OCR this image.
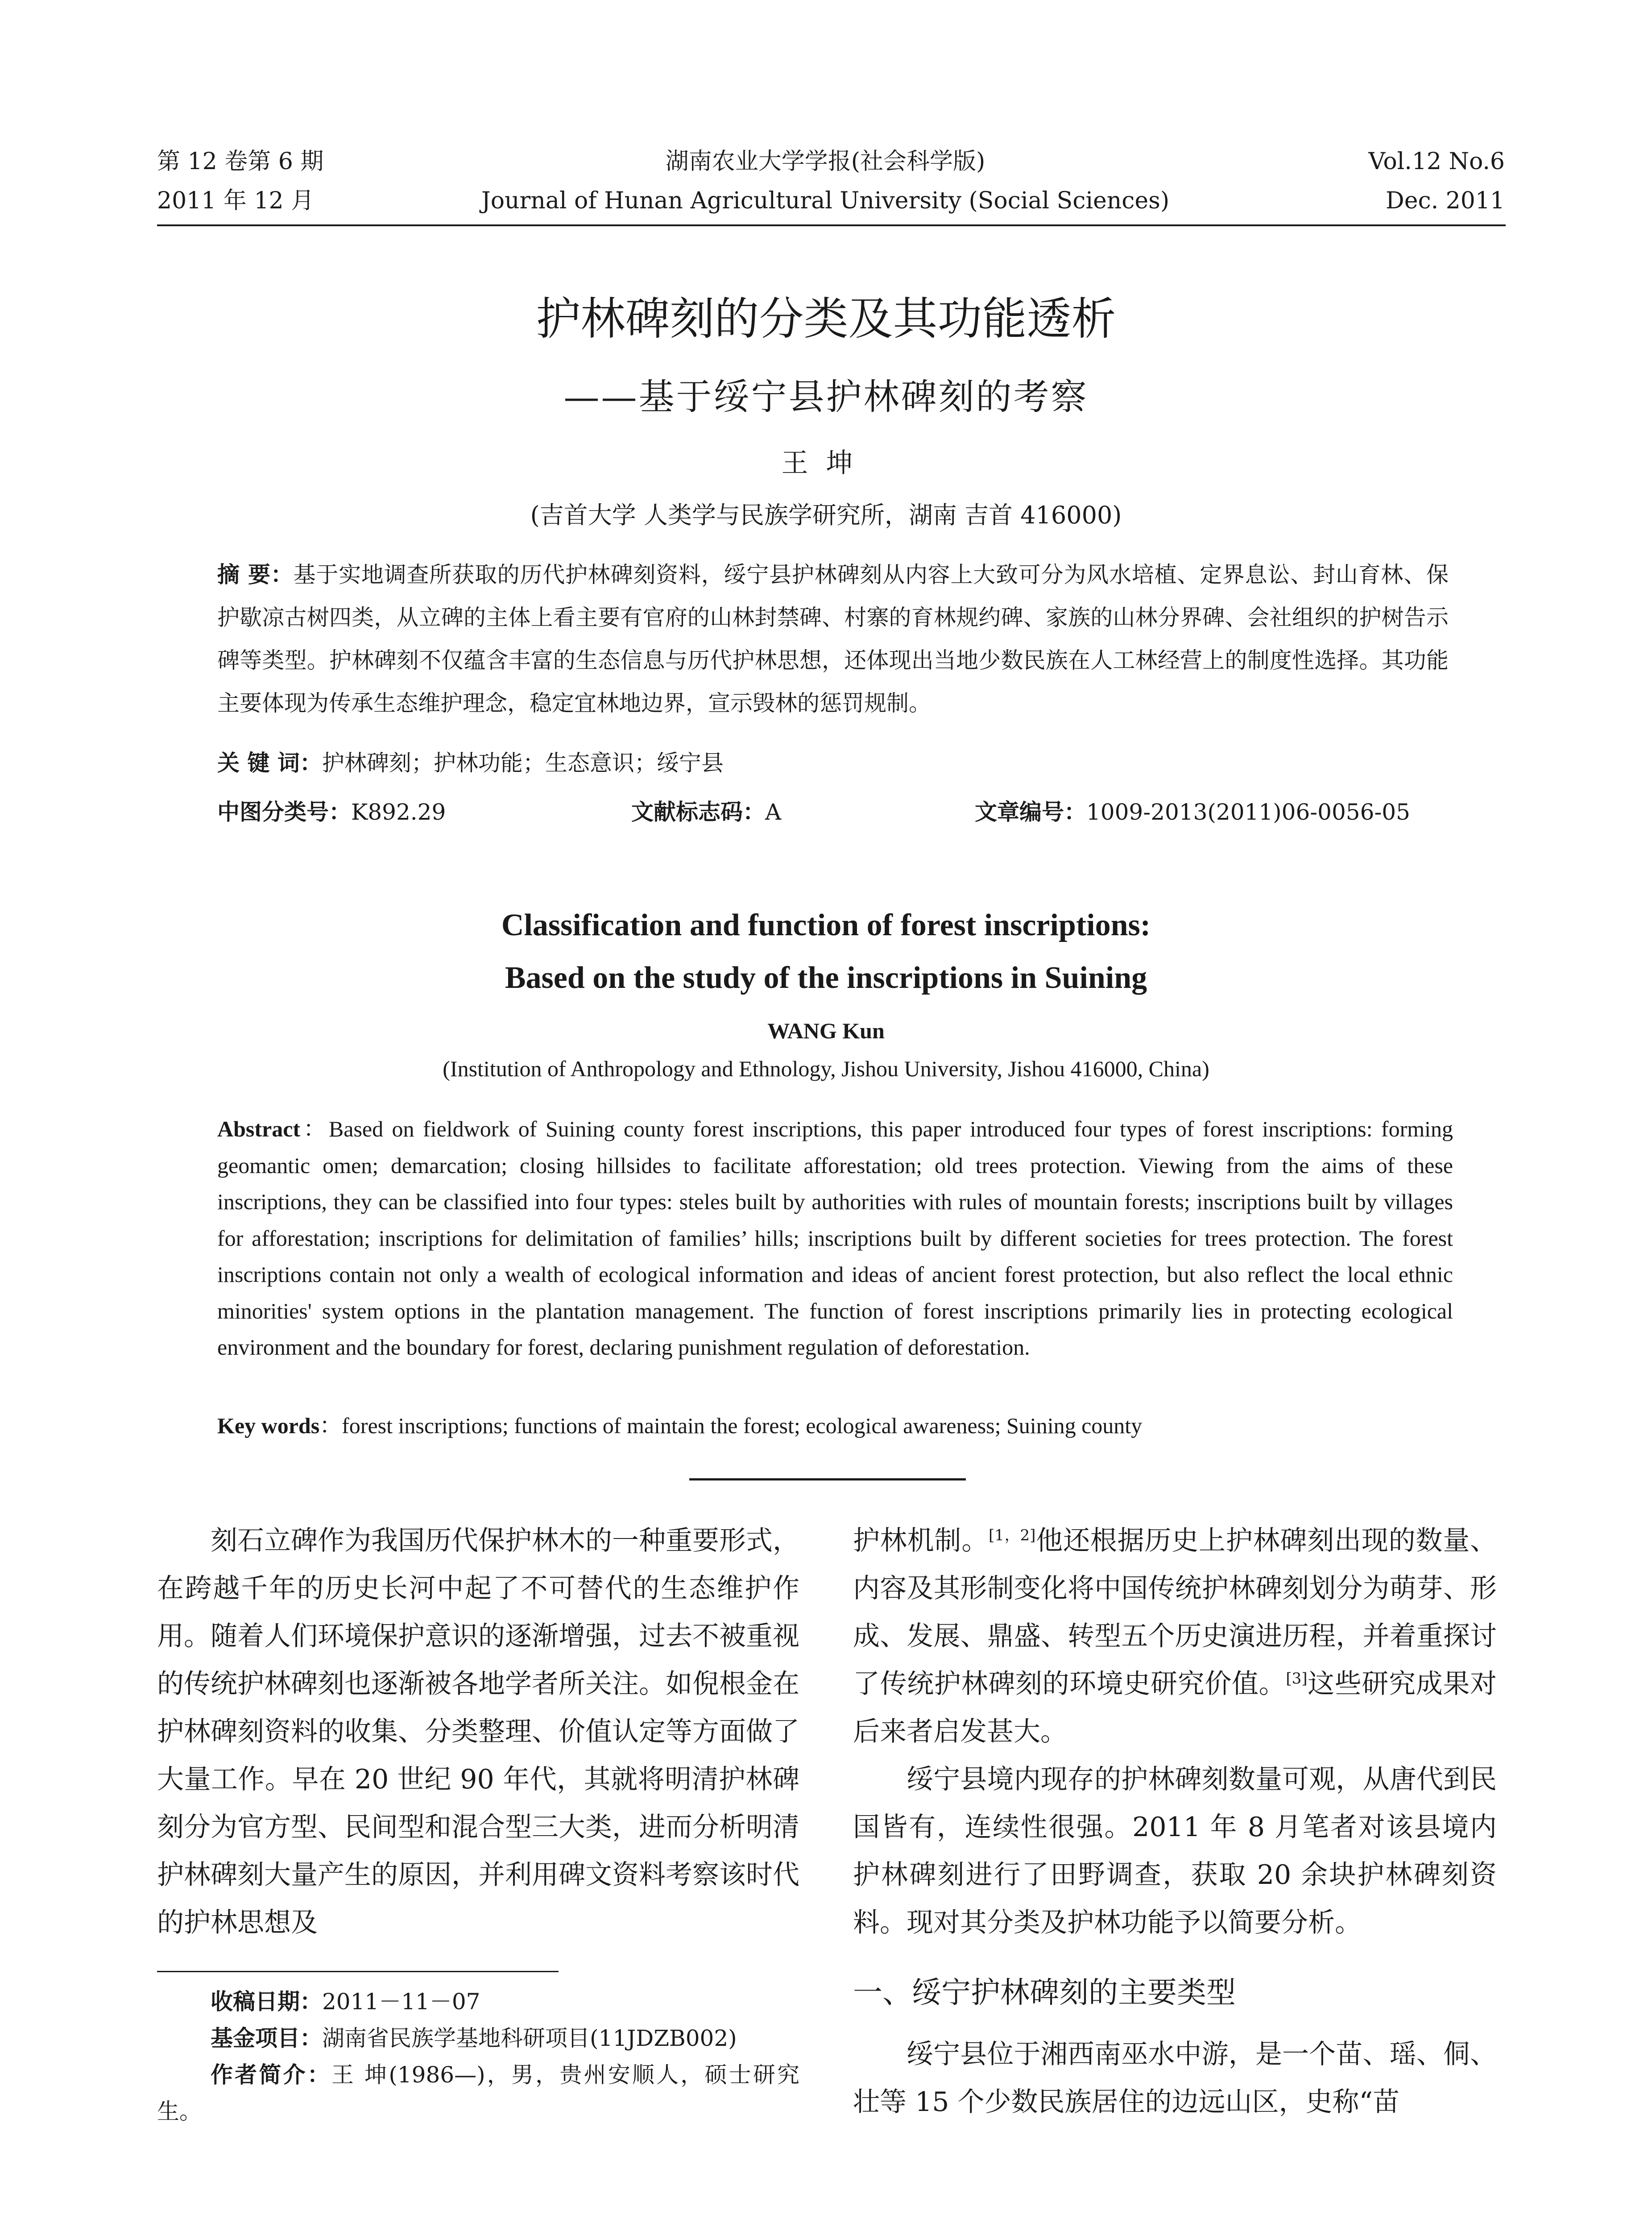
第 12 卷第 6 期
2011 年 12 月
湖南农业大学学报(社会科学版)
Journal of Hunan Agricultural University (Social Sciences)
Vol.12 No.6
Dec. 2011
护林碑刻的分类及其功能透析
——基于绥宁县护林碑刻的考察
王坤
(吉首大学 人类学与民族学研究所，湖南 吉首 416000)
摘 要：基于实地调查所获取的历代护林碑刻资料，绥宁县护林碑刻从内容上大致可分为风水培植、定界息讼、封山育林、保护歇凉古树四类，从立碑的主体上看主要有官府的山林封禁碑、村寨的育林规约碑、家族的山林分界碑、会社组织的护树告示碑等类型。护林碑刻不仅蕴含丰富的生态信息与历代护林思想，还体现出当地少数民族在人工林经营上的制度性选择。其功能主要体现为传承生态维护理念，稳定宜林地边界，宣示毁林的惩罚规制。
关 键 词：护林碑刻；护林功能；生态意识；绥宁县
中图分类号：K892.29	文献标志码：A	文章编号：1009-2013(2011)06-0056-05
Classification and function of forest inscriptions:
Based on the study of the inscriptions in Suining
WANG Kun
(Institution of Anthropology and Ethnology, Jishou University, Jishou 416000, China)
Abstract：Based on fieldwork of Suining county forest inscriptions, this paper introduced four types of forest inscriptions: forming geomantic omen; demarcation; closing hillsides to facilitate afforestation; old trees protection. Viewing from the aims of these inscriptions, they can be classified into four types: steles built by authorities with rules of mountain forests; inscriptions built by villages for afforestation; inscriptions for delimitation of families’ hills; inscriptions built by different societies for trees protection. The forest inscriptions contain not only a wealth of ecological information and ideas of ancient forest protection, but also reflect the local ethnic minorities' system options in the plantation management. The function of forest inscriptions primarily lies in protecting ecological environment and the boundary for forest, declaring punishment regulation of deforestation.
Key words：forest inscriptions; functions of maintain the forest; ecological awareness; Suining county

刻石立碑作为我国历代保护林木的一种重要形式，在跨越千年的历史长河中起了不可替代的生态维护作用。随着人们环境保护意识的逐渐增强，过去不被重视的传统护林碑刻也逐渐被各地学者所关注。如倪根金在护林碑刻资料的收集、分类整理、价值认定等方面做了大量工作。早在 20 世纪 90 年代，其就将明清护林碑刻分为官方型、民间型和混合型三大类，进而分析明清护林碑刻大量产生的原因，并利用碑文资料考察该时代的护林思想及

收稿日期：2011－11－07

基金项目：湖南省民族学基地科研项目(11JDZB002)

作者简介：王 坤(1986—)，男，贵州安顺人，硕士研究生。

护林机制。[1，2]他还根据历史上护林碑刻出现的数量、内容及其形制变化将中国传统护林碑刻划分为萌芽、形成、发展、鼎盛、转型五个历史演进历程，并着重探讨了传统护林碑刻的环境史研究价值。[3]这些研究成果对后来者启发甚大。

绥宁县境内现存的护林碑刻数量可观，从唐代到民国皆有，连续性很强。2011 年 8 月笔者对该县境内护林碑刻进行了田野调查，获取 20 余块护林碑刻资料。现对其分类及护林功能予以简要分析。

一、绥宁护林碑刻的主要类型

绥宁县位于湘西南巫水中游，是一个苗、瑶、侗、壮等 15 个少数民族居住的边远山区，史称“苗
